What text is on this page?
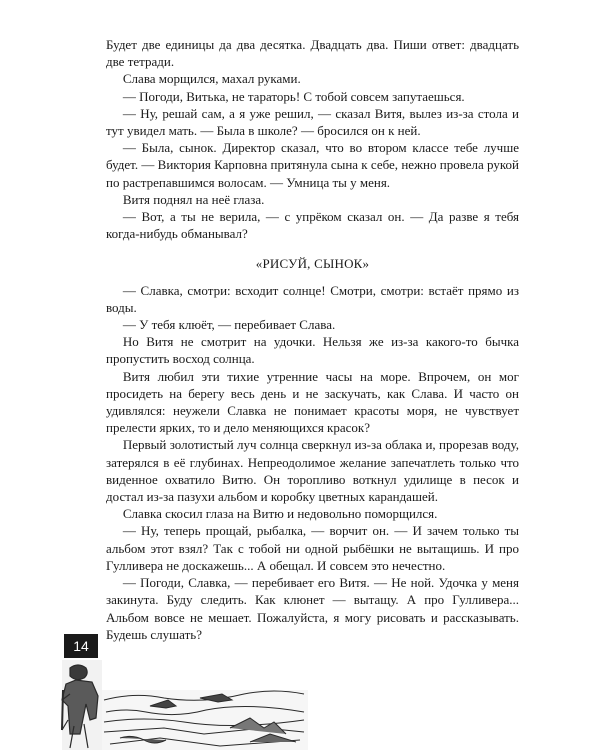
Будет две единицы да два десятка. Двадцать два. Пиши ответ: двадцать две тетради.

Слава морщился, махал руками.

— Погоди, Витька, не тараторь! С тобой совсем запутаешься.

— Ну, решай сам, а я уже решил, — сказал Витя, вылез из-за стола и тут увидел мать. — Была в школе? — бросился он к ней.

— Была, сынок. Директор сказал, что во втором классе тебе лучше будет. — Виктория Карповна притянула сына к себе, нежно провела рукой по растрепавшимся волосам. — Умница ты у меня.

Витя поднял на неё глаза.

— Вот, а ты не верила, — с упрёком сказал он. — Да разве я тебя когда-нибудь обманывал?

«РИСУЙ, СЫНОК»

— Славка, смотри: всходит солнце! Смотри, смотри: встаёт прямо из воды.

— У тебя клюёт, — перебивает Слава.

Но Витя не смотрит на удочки. Нельзя же из-за какого-то бычка пропустить восход солнца.

Витя любил эти тихие утренние часы на море. Впрочем, он мог просидеть на берегу весь день и не заскучать, как Слава. И часто он удивлялся: неужели Славка не понимает красоты моря, не чувствует прелести ярких, то и дело меняющихся красок?

Первый золотистый луч солнца сверкнул из-за облака и, прорезав воду, затерялся в её глубинах. Непреодолимое желание запечатлеть только что виденное охватило Витю. Он торопливо воткнул удилище в песок и достал из-за пазухи альбом и коробку цветных карандашей.

Славка скосил глаза на Витю и недовольно поморщился.

— Ну, теперь прощай, рыбалка, — ворчит он. — И зачем только ты альбом этот взял? Так с тобой ни одной рыбёшки не вытащишь. И про Гулливера не доскажешь... А обещал. И совсем это нечестно.

— Погоди, Славка, — перебивает его Витя. — Не ной. Удочка у меня закинута. Буду следить. Как клюнет — вытащу. А про Гулливера... Альбом вовсе не мешает. Пожалуйста, я могу рисовать и рассказывать. Будешь слушать?

14
